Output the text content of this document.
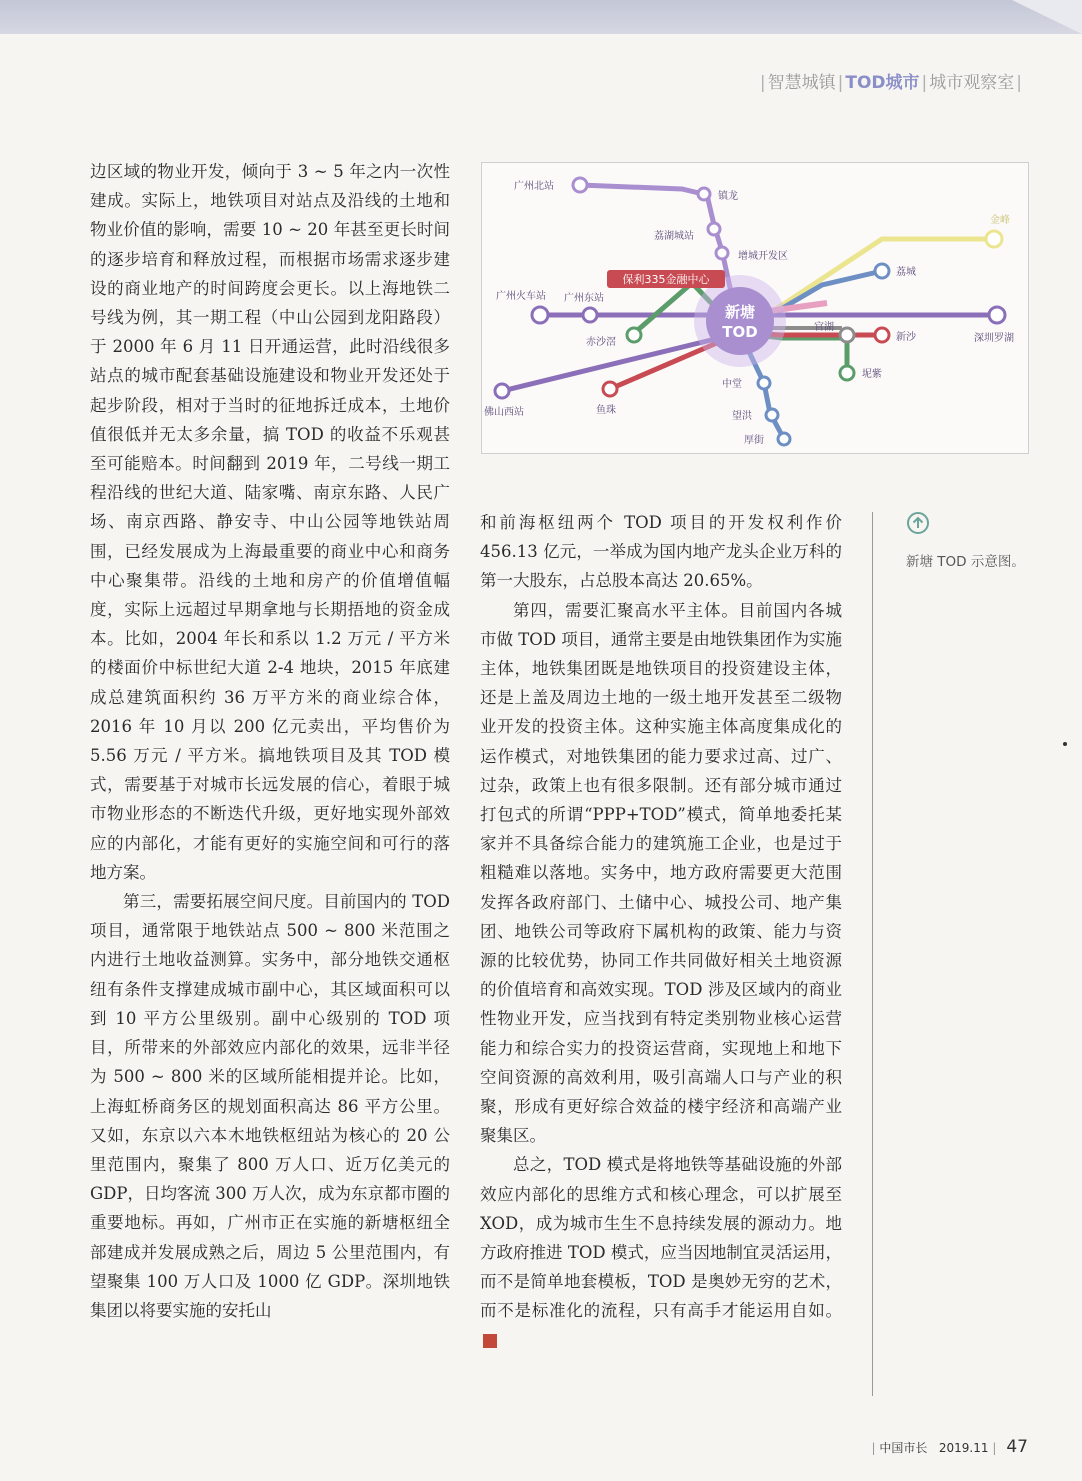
| 智慧城镇 | TOD城市 | 城市观察室 |

边区域的物业开发，倾向于 3 ~ 5 年之内一次性建成。实际上，地铁项目对站点及沿线的土地和物业价值的影响，需要 10 ~ 20 年甚至更长时间的逐步培育和释放过程，而根据市场需求逐步建设的商业地产的时间跨度会更长。以上海地铁二号线为例，其一期工程（中山公园到龙阳路段）于 2000 年 6 月 11 日开通运营，此时沿线很多站点的城市配套基础设施建设和物业开发还处于起步阶段，相对于当时的征地拆迁成本，土地价值很低并无太多余量，搞 TOD 的收益不乐观甚至可能赔本。时间翻到 2019 年，二号线一期工程沿线的世纪大道、陆家嘴、南京东路、人民广场、南京西路、静安寺、中山公园等地铁站周围，已经发展成为上海最重要的商业中心和商务中心聚集带。沿线的土地和房产的价值增值幅度，实际上远超过早期拿地与长期捂地的资金成本。比如，2004 年长和系以 1.2 万元 / 平方米的楼面价中标世纪大道 2-4 地块，2015 年底建成总建筑面积约 36 万平方米的商业综合体，2016 年 10 月以 200 亿元卖出，平均售价为 5.56 万元 / 平方米。搞地铁项目及其 TOD 模式，需要基于对城市长远发展的信心，着眼于城市物业形态的不断迭代升级，更好地实现外部效应的内部化，才能有更好的实施空间和可行的落地方案。

第三，需要拓展空间尺度。目前国内的 TOD 项目，通常限于地铁站点 500 ~ 800 米范围之内进行土地收益测算。实务中，部分地铁交通枢纽有条件支撑建成城市副中心，其区域面积可以到 10 平方公里级别。副中心级别的 TOD 项目，所带来的外部效应内部化的效果，远非半径为 500 ~ 800 米的区域所能相提并论。比如，上海虹桥商务区的规划面积高达 86 平方公里。又如，东京以六本木地铁枢纽站为核心的 20 公里范围内，聚集了 800 万人口、近万亿美元的 GDP，日均客流 300 万人次，成为东京都市圈的重要地标。再如，广州市正在实施的新塘枢纽全部建成并发展成熟之后，周边 5 公里范围内，有望聚集 100 万人口及 1000 亿 GDP。深圳地铁集团以将要实施的安托山

新塘
TOD
保利335金融中心
广州北站
镇龙
荔湖城站
增城开发区
金峰
荔城
广州火车站 广州东站
赤沙滘
官湖
新沙	深圳罗湖
坭紫
中堂
佛山西站	鱼珠
望洪
厚街

和前海枢纽两个 TOD 项目的开发权利作价 456.13 亿元，一举成为国内地产龙头企业万科的第一大股东，占总股本高达 20.65%。

第四，需要汇聚高水平主体。目前国内各城市做 TOD 项目，通常主要是由地铁集团作为实施主体，地铁集团既是地铁项目的投资建设主体，还是上盖及周边土地的一级土地开发甚至二级物业开发的投资主体。这种实施主体高度集成化的运作模式，对地铁集团的能力要求过高、过广、过杂，政策上也有很多限制。还有部分城市通过打包式的所谓“PPP+TOD”模式，简单地委托某家并不具备综合能力的建筑施工企业，也是过于粗糙难以落地。实务中，地方政府需要更大范围发挥各政府部门、土储中心、城投公司、地产集团、地铁公司等政府下属机构的政策、能力与资源的比较优势，协同工作共同做好相关土地资源的价值培育和高效实现。TOD 涉及区域内的商业性物业开发，应当找到有特定类别物业核心运营能力和综合实力的投资运营商，实现地上和地下空间资源的高效利用，吸引高端人口与产业的积聚，形成有更好综合效益的楼宇经济和高端产业聚集区。

总之，TOD 模式是将地铁等基础设施的外部效应内部化的思维方式和核心理念，可以扩展至 XOD，成为城市生生不息持续发展的源动力。地方政府推进 TOD 模式，应当因地制宜灵活运用，而不是简单地套模板，TOD 是奥妙无穷的艺术，而不是标准化的流程，只有高手才能运用自如。

新塘 TOD 示意图。
| 中国市长 2019.11 | 47
